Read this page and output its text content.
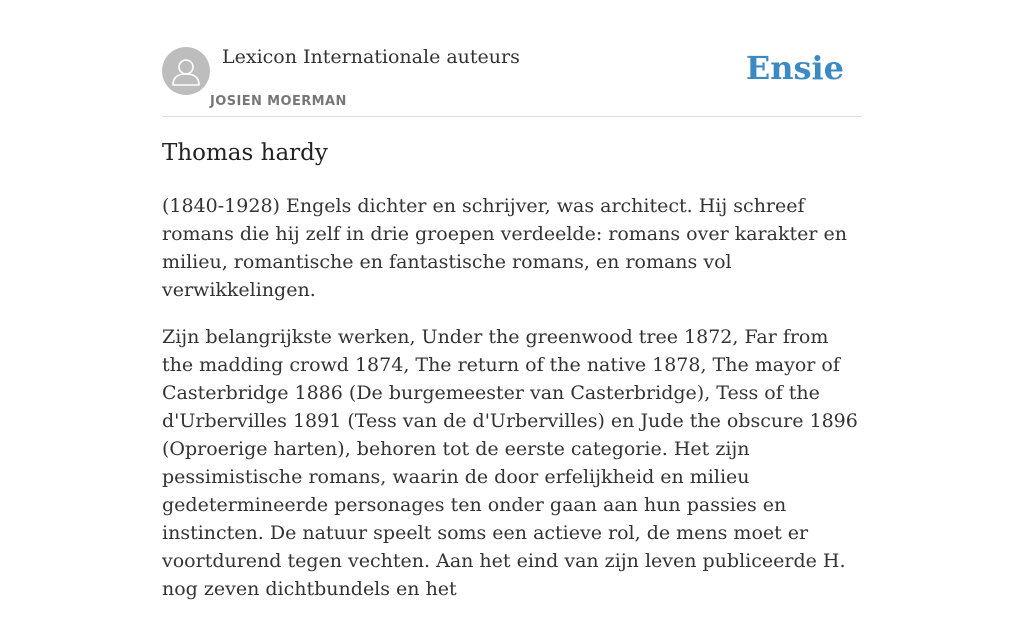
Lexicon Internationale auteurs
JOSIEN MOERMAN
Ensie
Thomas hardy

(1840-1928) Engels dichter en schrijver, was architect. Hij schreef romans die hij zelf in drie groepen verdeelde: romans over karakter en milieu, romantische en fantastische romans, en romans vol verwikkelingen.

Zijn belangrijkste werken, Under the greenwood tree 1872, Far from the madding crowd 1874, The return of the native 1878, The mayor of Casterbridge 1886 (De burgemeester van Casterbridge), Tess of the d'Urbervilles 1891 (Tess van de d'Urbervilles) en Jude the obscure 1896 (Oproerige harten), behoren tot de eerste categorie. Het zijn pessimistische romans, waarin de door erfelijkheid en milieu gedetermineerde personages ten onder gaan aan hun passies en instincten. De natuur speelt soms een actieve rol, de mens moet er voortdurend tegen vechten. Aan het eind van zijn leven publiceerde H. nog zeven dichtbundels en het
